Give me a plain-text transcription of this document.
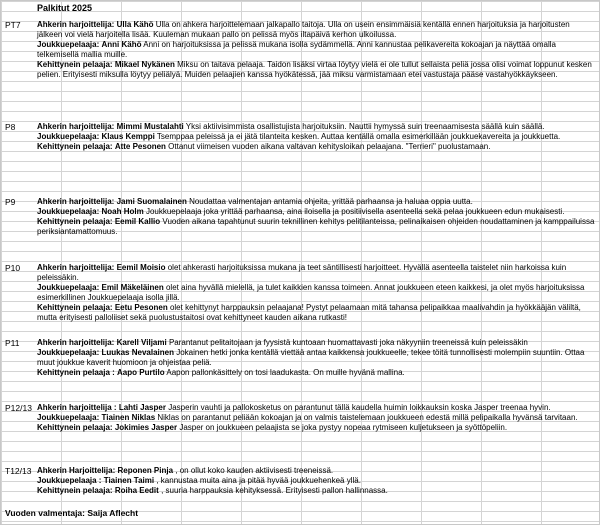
Palkitut 2025
PT7 Ahkerin harjoittelija: Ulla Kähö Ulla on ahkera harjoittelemaan jalkapallo taitoja. Ulla on usein ensimmäisiä kentällä ennen harjoituksia ja harjoitusten jälkeen voi vielä harjoitella lisää. Kuuleman mukaan pallo on pelissä myös iltapäivä kerhon ulkoilussa.
Joukkuepelaaja: Anni Kähö Anni on harjoituksissa ja pelissä mukana isolla sydämmellä. Anni kannustaa pelikavereita kokoajan ja näyttää omalla telkemisellä mallia muille.
Kehittynein pelaaja: Mikael Nykänen Miksu on taitava pelaaja. Taidon lisäksi virtaa löytyy vielä ei ole tullut sellaista peliä jossa olisi voimat loppunut kesken pelien. Erityisesti miksulla löytyy peliälyä. Muiden pelaajien kanssa hyökätessä, jää miksu varmistamaan etei vastustaja pääse vastahyökkäykseen.
P8	Ahkerin harjoittelija: Mimmi Mustalahti Yksi aktiivisimmista osallistujista harjoituksiin. Nauttii hymyssä suin treenaamisesta säällä kuin säällä.
Joukkuepelaaja: Klaus Kemppi Tsemppaa peleissä ja ei jätä tilanteita kesken. Auttaa kentällä omalla esimerkillään joukkuekavereita ja joukkuetta.
Kehittynein pelaaja: Atte Pesonen Ottanut viimeisen vuoden aikana valtavan kehitysloikan pelaajana. "Terrieri" puolustamaan.
P9	Ahkerin harjoittelija: Jami Suomalainen Noudattaa valmentajan antamia ohjeita, yrittää parhaansa ja haluaa oppia uutta.
Joukkuepelaaja: Noah Holm Joukkuepelaaja joka yrittää parhaansa, aina iloisella ja positiivisella asenteella sekä pelaa joukkueen edun mukaisesti.
Kehittynein pelaaja: Eemil Kallio Vuoden aikana tapahtunut suurin teknillinen kehitys pelitilanteissa, pelinaikaisen ohjeiden noudattaminen ja kamppailuissa periksiantamattomuus.
P10 Ahkerin harjoittelija: Eemil Moisio olet ahkerasti harjoituksissa mukana ja teet säntillisesti harjoitteet. Hyvällä asenteella taistelet niin harkoissa kuin peleissäkin.
Joukkuepelaaja: Emil Mäkeläinen olet aina hyvällä mielellä, ja tulet kaikkien kanssa toimeen. Annat joukkueen eteen kaikkesi, ja olet myös harjoituksissa esimerkillinen Joukkuepelaaja isolla jillä.
Kehittynein pelaaja: Eetu Pesonen olet kehittynyt harppauksin pelaajana! Pystyt pelaamaan mitä tahansa pelipaikkaa maalivahdin ja hyökkääjän väliltä, mutta erityisesti palloliiset sekä puolustustaitosi ovat kehittyneet kauden aikana rutkasti!
P11 Ahkerin harjoittelija: Karell Viljami Parantanut pelitaitojaan ja fyysistä kuntoaan huomattavasti joka näkyyniin treeneissä kuin peleissäkin
Joukkuepelaaja: Luukas Nevalainen Jokainen hetki jonka kentällä viettää antaa kaikkensa joukkueelle, tekee töitä tunnollisesti molempiin suuntiin. Ottaa muut joukkue kaverit huomioon ja ohjeistaa peliä.
Kehittynein pelaaja : Aapo Purtilo Aapon pallonkäsittely on tosi laadukasta. On muille hyvänä mallina.
P12/13 Ahkerin harjoittelija : Lahti Jasper Jasperin vauhti ja pallokosketus on parantunut tällä kaudella huimin loikkauksin koska Jasper treenaa hyvin.
Joukkuepelaaja: Tiainen Niklas Niklas on parantanut peliään kokoajan ja on valmis taistelemaan joukkueen edestä millä pelipaikalla hyvänsä tarvitaan.
Kehittynein pelaaja: Jokimies Jasper Jasper on joukkueen pelaajista se joka pystyy nopeaa rytmiseen kuljetukseen ja syöttöpeliin.
T12/13 Ahkerin Harjoittelija: Reponen Pinja , on ollut koko kauden aktiivisesti treeneissä.
Joukkuepelaaja : Tiainen Taimi , kannustaa muita aina ja pitää hyvää joukkuehenkeä yllä.
Kehittynein pelaaja: Roiha Eedit , suuria harppauksia kehityksessä. Erityisesti pallon hallinnassa.
Vuoden valmentaja: Saija Aflecht
